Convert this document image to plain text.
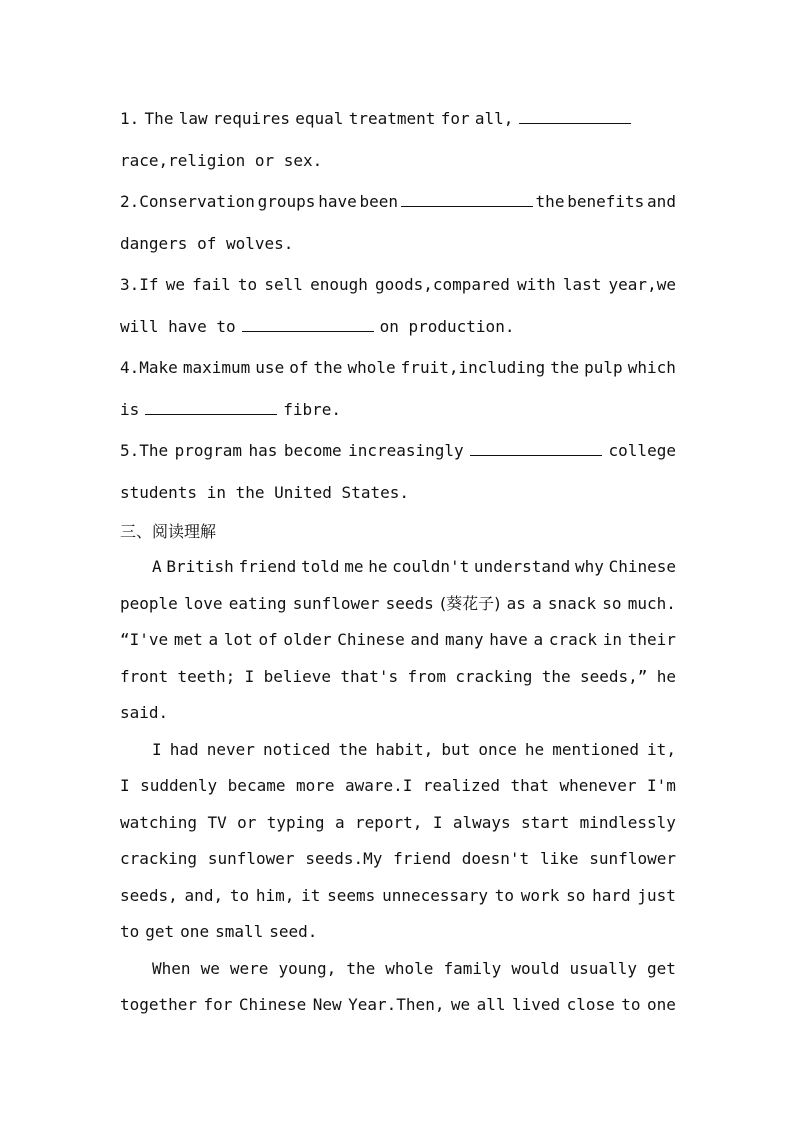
1. The law requires equal treatment for all,
race,religion or sex.
2.Conservation groups have been	the benefits and
dangers of wolves.
3.If we fail to sell enough goods,compared with last year,we
will have to	on production.
4.Make maximum use of the whole fruit,including the pulp which
is	fibre.
5.The program has become increasingly	college
students in the United States.
三、阅读理解
A British friend told me he couldn't understand why Chinese
people love eating sunflower seeds (葵花子) as a snack so much.
“I've met a lot of older Chinese and many have a crack in their
front teeth; I believe that's from cracking the seeds,” he
said.
I had never noticed the habit, but once he mentioned it,
I suddenly became more aware.I realized that whenever I'm
watching TV or typing a report, I always start mindlessly
cracking sunflower seeds.My friend doesn't like sunflower
seeds, and, to him, it seems unnecessary to work so hard just
to get one small seed.
When we were young, the whole family would usually get
together for Chinese New Year.Then, we all lived close to one
